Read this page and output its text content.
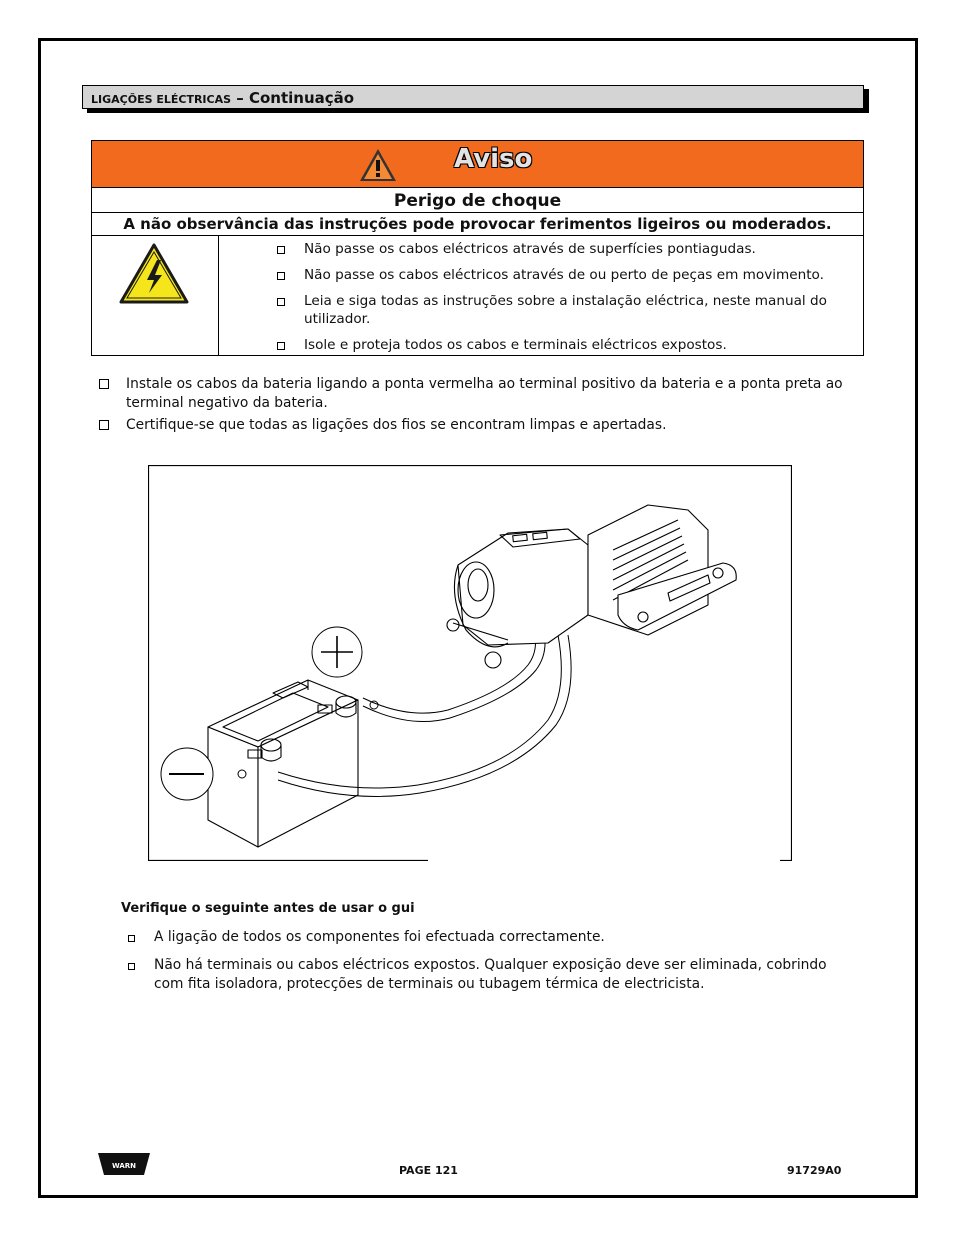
LIGAÇÕES ELÉCTRICAS – Continuação
Aviso
Perigo de choque
A não observância das instruções pode provocar ferimentos ligeiros ou moderados.
Não passe os cabos eléctricos através de superfícies pontiagudas.
Não passe os cabos eléctricos através de ou perto de peças em movimento.
Leia e siga todas as instruções sobre a instalação eléctrica, neste manual do utilizador.
Isole e proteja todos os cabos e terminais eléctricos expostos.
Instale os cabos da bateria ligando a ponta vermelha ao terminal positivo da bateria e a ponta preta ao terminal negativo da bateria.
Certifique-se que todas as ligações dos fios se encontram limpas e apertadas.
Verifique o seguinte antes de usar o gui
A ligação de todos os componentes foi efectuada correctamente.
Não há terminais ou cabos eléctricos expostos. Qualquer exposição deve ser eliminada, cobrindo com fita isoladora, protecções de terminais ou tubagem térmica de electricista.
WARN	PAGE 121	91729A0
